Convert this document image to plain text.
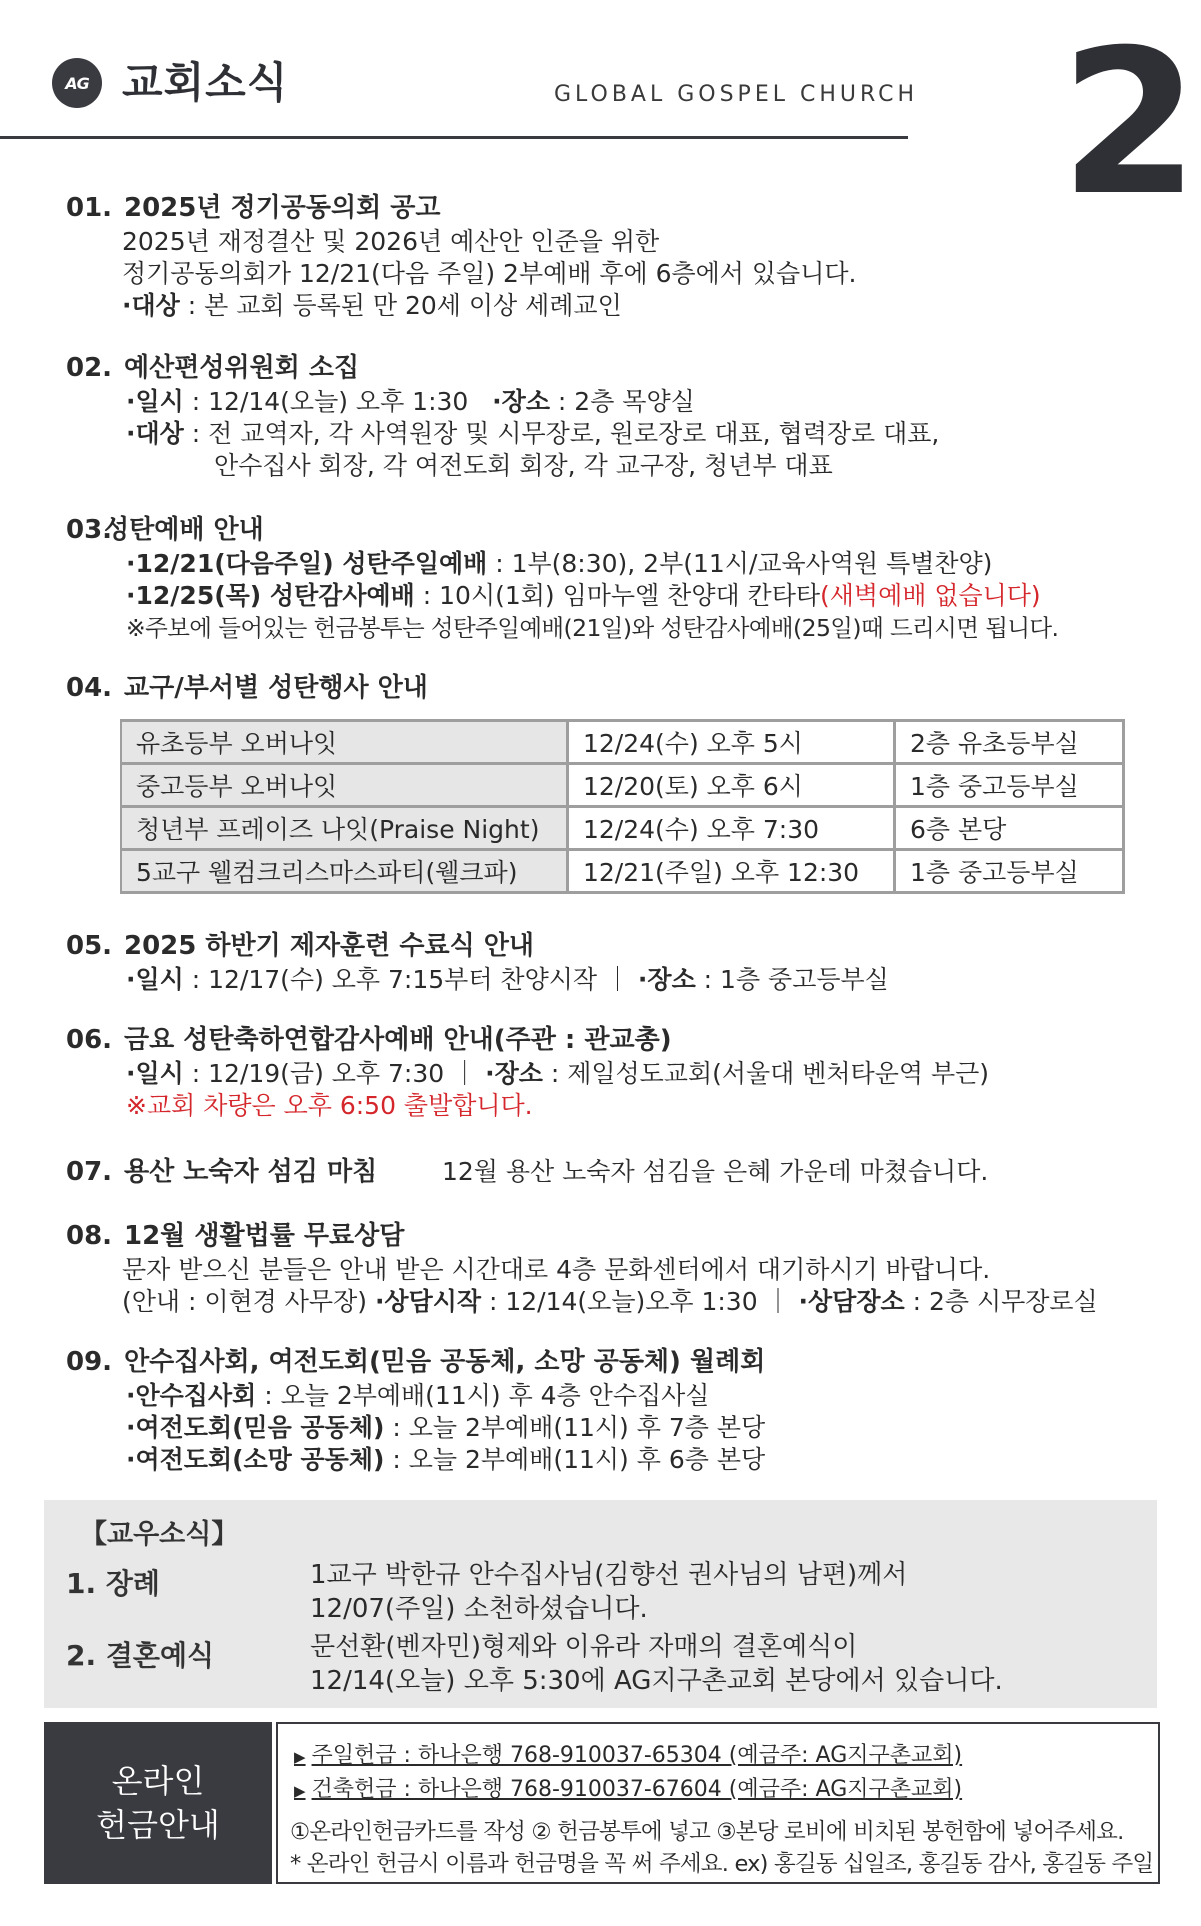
AG 교회소식	GLOBAL GOSPEL CHURCH 2
01. 2025년 정기공동의회 공고
2025년 재정결산 및 2026년 예산안 인준을 위한
정기공동의회가 12/21(다음 주일) 2부예배 후에 6층에서 있습니다.
·대상 : 본 교회 등록된 만 20세 이상 세례교인
02. 예산편성위원회 소집
·일시 : 12/14(오늘) 오후 1:30 ·장소 : 2층 목양실
·대상 : 전 교역자, 각 사역원장 및 시무장로, 원로장로 대표, 협력장로 대표,
안수집사 회장, 각 여전도회 회장, 각 교구장, 청년부 대표
03.성탄예배 안내
·12/21(다음주일) 성탄주일예배 : 1부(8:30), 2부(11시/교육사역원 특별찬양)
·12/25(목) 성탄감사예배 : 10시(1회) 임마누엘 찬양대 칸타타(새벽예배 없습니다)
※주보에 들어있는 헌금봉투는 성탄주일예배(21일)와 성탄감사예배(25일)때 드리시면 됩니다.
04. 교구/부서별 성탄행사 안내
유초등부 오버나잇	12/24(수) 오후 5시	2층 유초등부실
중고등부 오버나잇	12/20(토) 오후 6시	1층 중고등부실
청년부 프레이즈 나잇(Praise Night)	12/24(수) 오후 7:30	6층 본당
5교구 웰컴크리스마스파티(웰크파)	12/21(주일) 오후 12:30	1층 중고등부실
05. 2025 하반기 제자훈련 수료식 안내
·일시 : 12/17(수) 오후 7:15부터 찬양시작 ｜ ·장소 : 1층 중고등부실
06. 금요 성탄축하연합감사예배 안내(주관 : 관교총)
·일시 : 12/19(금) 오후 7:30 ｜ ·장소 : 제일성도교회(서울대 벤처타운역 부근)
※교회 차량은 오후 6:50 출발합니다.
07. 용산 노숙자 섬김 마침	12월 용산 노숙자 섬김을 은혜 가운데 마쳤습니다.
08. 12월 생활법률 무료상담
문자 받으신 분들은 안내 받은 시간대로 4층 문화센터에서 대기하시기 바랍니다.
(안내 : 이현경 사무장) ·상담시작 : 12/14(오늘)오후 1:30 ｜ ·상담장소 : 2층 시무장로실
09. 안수집사회, 여전도회(믿음 공동체, 소망 공동체) 월례회
·안수집사회 : 오늘 2부예배(11시) 후 4층 안수집사실
·여전도회(믿음 공동체) : 오늘 2부예배(11시) 후 7층 본당
·여전도회(소망 공동체) : 오늘 2부예배(11시) 후 6층 본당
【교우소식】
1. 장례	1교구 박한규 안수집사님(김향선 권사님의 남편)께서
12/07(주일) 소천하셨습니다.
2. 결혼예식	문선환(벤자민)형제와 이유라 자매의 결혼예식이
12/14(오늘) 오후 5:30에 AG지구촌교회 본당에서 있습니다.
온라인
헌금안내
▶ 주일헌금 : 하나은행 768-910037-65304 (예금주: AG지구촌교회)
▶ 건축헌금 : 하나은행 768-910037-67604 (예금주: AG지구촌교회)
①온라인헌금카드를 작성 ② 헌금봉투에 넣고 ③본당 로비에 비치된 봉헌함에 넣어주세요.
* 온라인 헌금시 이름과 헌금명을 꼭 써 주세요. ex) 홍길동 십일조, 홍길동 감사, 홍길동 주일
